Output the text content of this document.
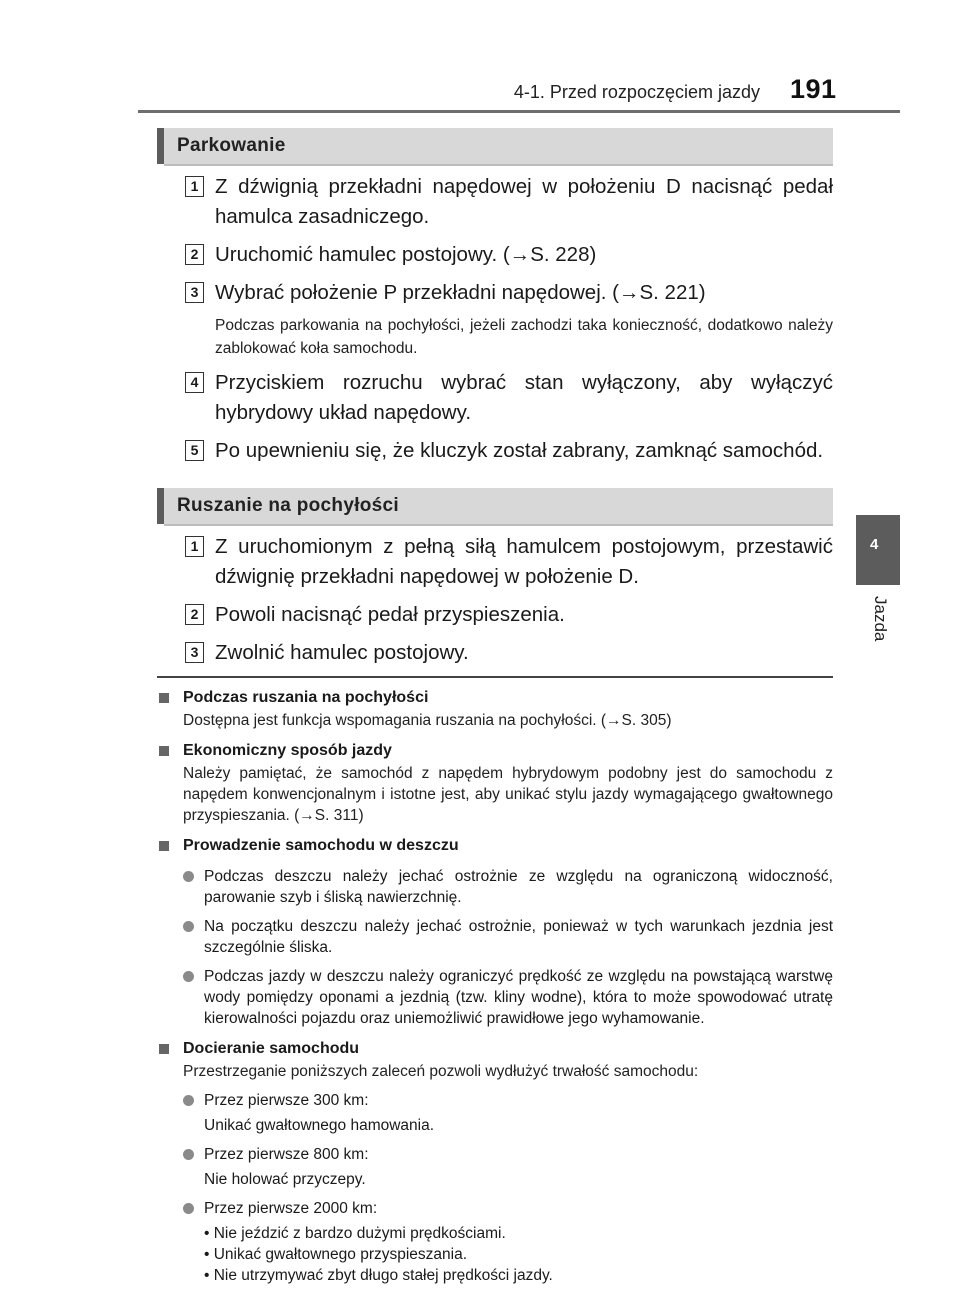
4-1. Przed rozpoczęciem jazdy 191
4
Jazda
Parkowanie
1 Z dźwignią przekładni napędowej w położeniu D nacisnąć pedał hamulca zasadniczego.
2 Uruchomić hamulec postojowy. (→S. 228)
3 Wybrać położenie P przekładni napędowej. (→S. 221)
Podczas parkowania na pochyłości, jeżeli zachodzi taka konieczność, dodatkowo należy zablokować koła samochodu.
4 Przyciskiem rozruchu wybrać stan wyłączony, aby wyłączyć hybrydowy układ napędowy.
5 Po upewnieniu się, że kluczyk został zabrany, zamknąć samochód.
Ruszanie na pochyłości
1 Z uruchomionym z pełną siłą hamulcem postojowym, przestawić dźwignię przekładni napędowej w położenie D.
2 Powoli nacisnąć pedał przyspieszenia.
3 Zwolnić hamulec postojowy.
Podczas ruszania na pochyłości
Dostępna jest funkcja wspomagania ruszania na pochyłości. (→S. 305)
Ekonomiczny sposób jazdy
Należy pamiętać, że samochód z napędem hybrydowym podobny jest do samochodu z napędem konwencjonalnym i istotne jest, aby unikać stylu jazdy wymagającego gwałtownego przyspieszania. (→S. 311)
Prowadzenie samochodu w deszczu
Podczas deszczu należy jechać ostrożnie ze względu na ograniczoną widoczność, parowanie szyb i śliską nawierzchnię.
Na początku deszczu należy jechać ostrożnie, ponieważ w tych warunkach jezdnia jest szczególnie śliska.
Podczas jazdy w deszczu należy ograniczyć prędkość ze względu na powstającą warstwę wody pomiędzy oponami a jezdnią (tzw. kliny wodne), która to może spowodować utratę kierowalności pojazdu oraz uniemożliwić prawidłowe jego wyhamowanie.
Docieranie samochodu
Przestrzeganie poniższych zaleceń pozwoli wydłużyć trwałość samochodu:
Przez pierwsze 300 km:
Unikać gwałtownego hamowania.
Przez pierwsze 800 km:
Nie holować przyczepy.
Przez pierwsze 2000 km:
• Nie jeździć z bardzo dużymi prędkościami.
• Unikać gwałtownego przyspieszania.
• Nie utrzymywać zbyt długo stałej prędkości jazdy.
